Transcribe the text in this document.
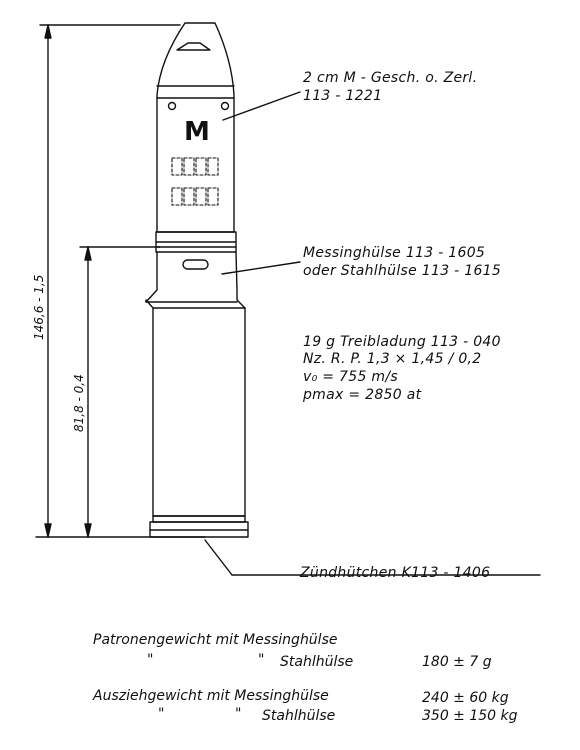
M
146,6 - 1,5
81,8 - 0,4
2 cm M - Gesch. o. Zerl.
113 - 1221
Messinghülse 113 - 1605
oder Stahlhülse 113 - 1615
19 g Treibladung 113 - 040
Nz. R. P. 1,3 × 1,45 / 0,2
v₀ = 755 m/s
pmax = 2850 at
Zündhütchen K113 - 1406
Patronengewicht mit Messinghülse
"	" Stahlhülse	180 ± 7 g
Ausziehgewicht mit Messinghülse	240 ± 60 kg
"	" Stahlhülse	350 ± 150 kg
